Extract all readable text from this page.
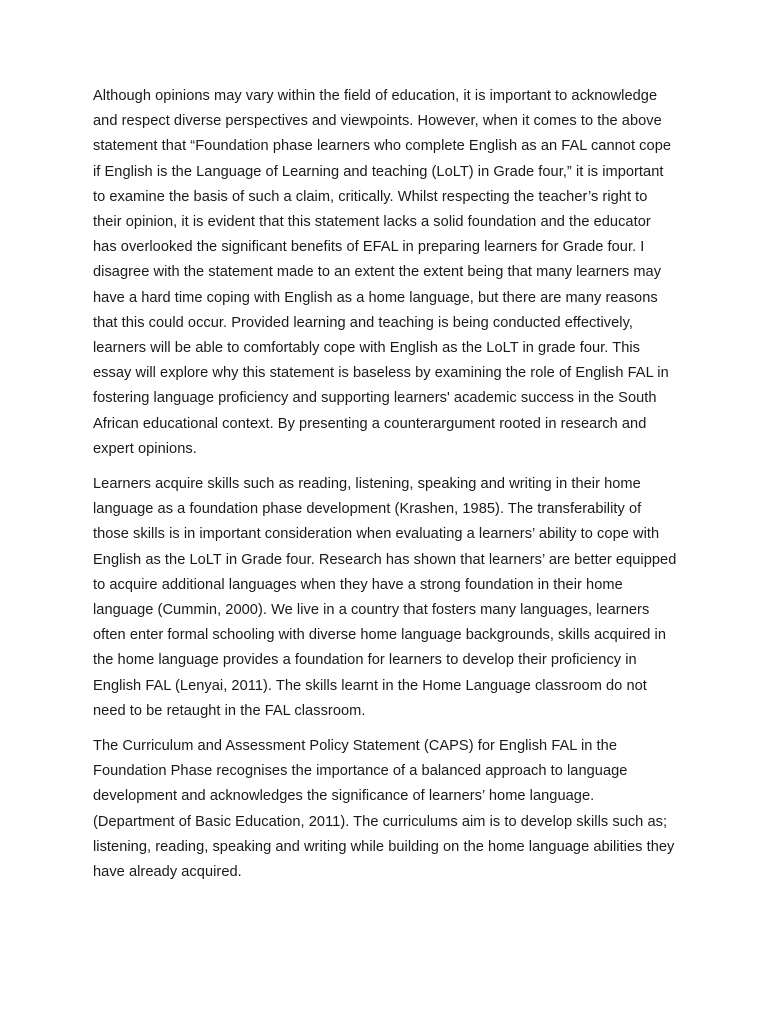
Although opinions may vary within the field of education, it is important to acknowledge and respect diverse perspectives and viewpoints. However, when it comes to the above statement that “Foundation phase learners who complete English as an FAL cannot cope if English is the Language of Learning and teaching (LoLT) in Grade four,” it is important to examine the basis of such a claim, critically. Whilst respecting the teacher’s right to their opinion, it is evident that this statement lacks a solid foundation and the educator has overlooked the significant benefits of EFAL in preparing learners for Grade four. I disagree with the statement made to an extent the extent being that many learners may have a hard time coping with English as a home language, but there are many reasons that this could occur. Provided learning and teaching is being conducted effectively, learners will be able to comfortably cope with English as the LoLT in grade four. This essay will explore why this statement is baseless by examining the role of English FAL in fostering language proficiency and supporting learners' academic success in the South African educational context. By presenting a counterargument rooted in research and expert opinions.

Learners acquire skills such as reading, listening, speaking and writing in their home language as a foundation phase development (Krashen, 1985). The transferability of those skills is in important consideration when evaluating a learners’ ability to cope with English as the LoLT in Grade four. Research has shown that learners’ are better equipped to acquire additional languages when they have a strong foundation in their home language (Cummin, 2000). We live in a country that fosters many languages, learners often enter formal schooling with diverse home language backgrounds, skills acquired in the home language provides a foundation for learners to develop their proficiency in English FAL (Lenyai, 2011). The skills learnt in the Home Language classroom do not need to be retaught in the FAL classroom.

The Curriculum and Assessment Policy Statement (CAPS) for English FAL in the Foundation Phase recognises the importance of a balanced approach to language development and acknowledges the significance of learners’ home language. (Department of Basic Education, 2011). The curriculums aim is to develop skills such as; listening, reading, speaking and writing while building on the home language abilities they have already acquired.
